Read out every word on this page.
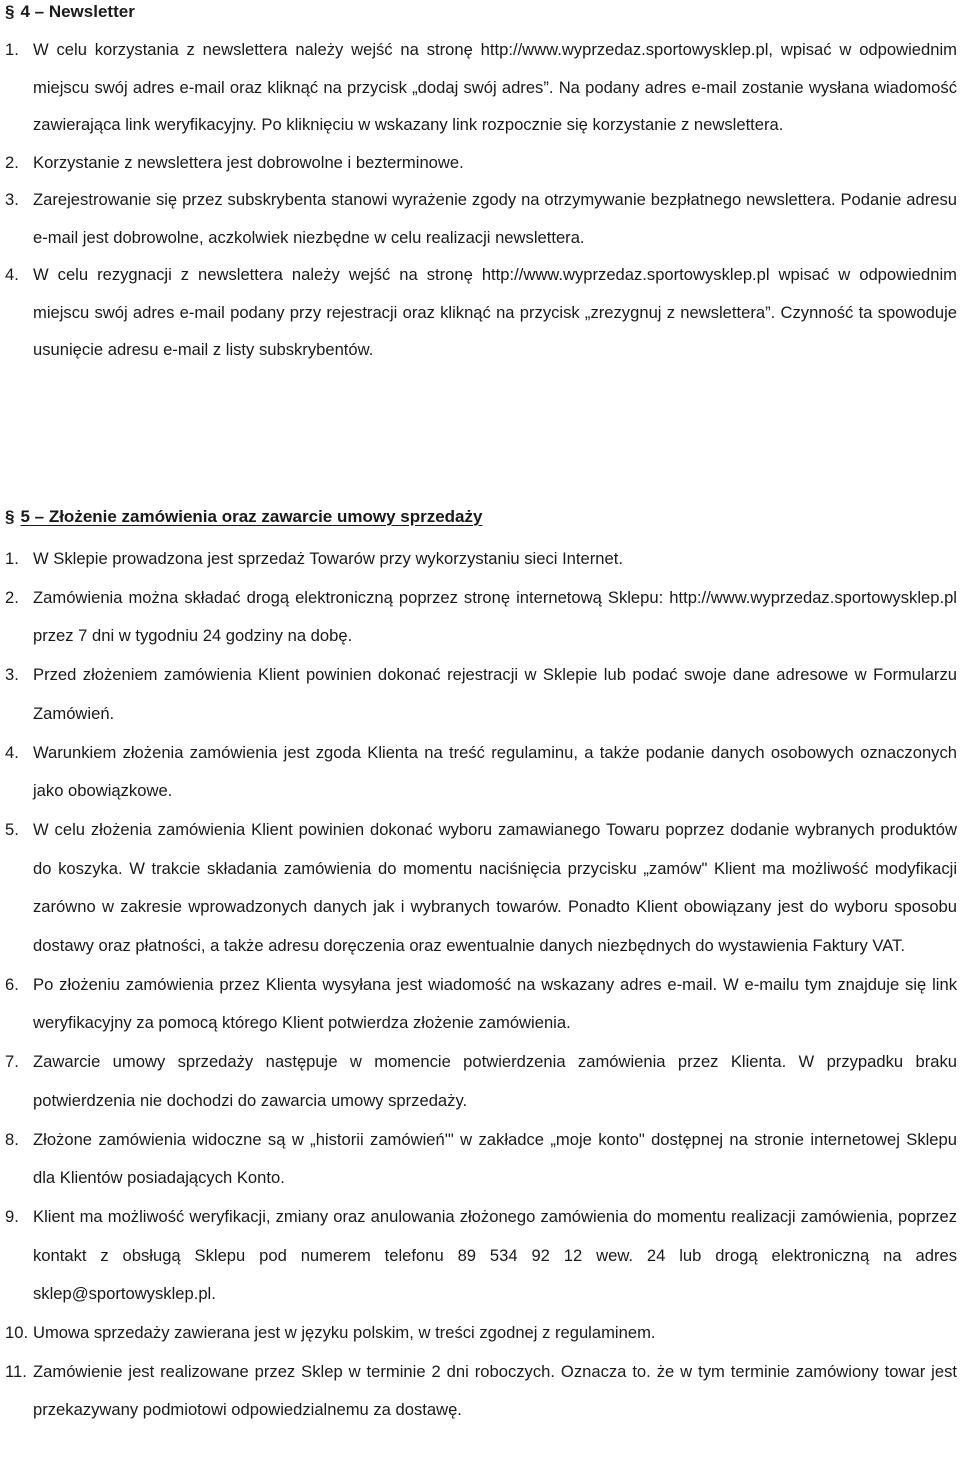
§ 4 – Newsletter
1. W celu korzystania z newslettera należy wejść na stronę http://www.wyprzedaz.sportowysklep.pl, wpisać w odpowiednim miejscu swój adres e-mail oraz kliknąć na przycisk „dodaj swój adres”. Na podany adres e-mail zostanie wysłana wiadomość zawierająca link weryfikacyjny. Po kliknięciu w wskazany link rozpocznie się korzystanie z newslettera.
2. Korzystanie z newslettera jest dobrowolne i bezterminowe.
3. Zarejestrowanie się przez subskrybenta stanowi wyrażenie zgody na otrzymywanie bezpłatnego newslettera. Podanie adresu e-mail jest dobrowolne, aczkolwiek niezbędne w celu realizacji newslettera.
4. W celu rezygnacji z newslettera należy wejść na stronę http://www.wyprzedaz.sportowysklep.pl wpisać w odpowiednim miejscu swój adres e-mail podany przy rejestracji oraz kliknąć na przycisk „zrezygnuj z newslettera”. Czynność ta spowoduje usunięcie adresu e-mail z listy subskrybentów.
§ 5 – Złożenie zamówienia oraz zawarcie umowy sprzedaży
1. W Sklepie prowadzona jest sprzedaż Towarów przy wykorzystaniu sieci Internet.
2. Zamówienia można składać drogą elektroniczną poprzez stronę internetową Sklepu: http://www.wyprzedaz.sportowysklep.pl przez 7 dni w tygodniu 24 godziny na dobę.
3. Przed złożeniem zamówienia Klient powinien dokonać rejestracji w Sklepie lub podać swoje dane adresowe w Formularzu Zamówień.
4. Warunkiem złożenia zamówienia jest zgoda Klienta na treść regulaminu, a także podanie danych osobowych oznaczonych jako obowiązkowe.
5. W celu złożenia zamówienia Klient powinien dokonać wyboru zamawianego Towaru poprzez dodanie wybranych produktów do koszyka. W trakcie składania zamówienia do momentu naciśnięcia przycisku „zamów" Klient ma możliwość modyfikacji zarówno w zakresie wprowadzonych danych jak i wybranych towarów. Ponadto Klient obowiązany jest do wyboru sposobu dostawy oraz płatności, a także adresu doręczenia oraz ewentualnie danych niezbędnych do wystawienia Faktury VAT.
6. Po złożeniu zamówienia przez Klienta wysyłana jest wiadomość na wskazany adres e-mail. W e-mailu tym znajduje się link weryfikacyjny za pomocą którego Klient potwierdza złożenie zamówienia.
7. Zawarcie umowy sprzedaży następuje w momencie potwierdzenia zamówienia przez Klienta. W przypadku braku potwierdzenia nie dochodzi do zawarcia umowy sprzedaży.
8. Złożone zamówienia widoczne są w „historii zamówień'" w zakładce „moje konto" dostępnej na stronie internetowej Sklepu dla Klientów posiadających Konto.
9. Klient ma możliwość weryfikacji, zmiany oraz anulowania złożonego zamówienia do momentu realizacji zamówienia, poprzez kontakt z obsługą Sklepu pod numerem telefonu 89 534 92 12 wew. 24 lub drogą elektroniczną na adres sklep@sportowysklep.pl.
10. Umowa sprzedaży zawierana jest w języku polskim, w treści zgodnej z regulaminem.
11. Zamówienie jest realizowane przez Sklep w terminie 2 dni roboczych. Oznacza to. że w tym terminie zamówiony towar jest przekazywany podmiotowi odpowiedzialnemu za dostawę.
